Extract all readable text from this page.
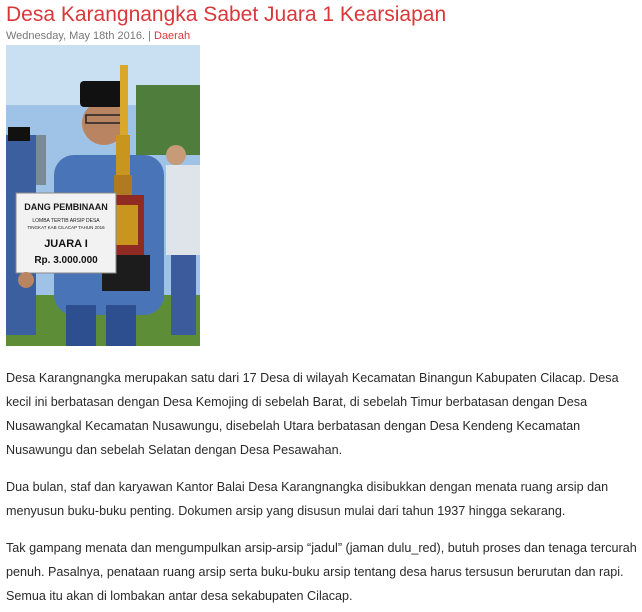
Desa Karangnangka Sabet Juara 1 Kearsiapan
Wednesday, May 18th 2016. | Daerah
DANG PEMBINAAN
LOMBA TERTIB ARSIP DESA
TINGKAT KAB CILACAP TAHUN 2016
JUARA I
Rp. 3.000.000

Desa Karangnangka merupakan satu dari 17 Desa di wilayah Kecamatan Binangun Kabupaten Cilacap. Desa kecil ini berbatasan dengan Desa Kemojing di sebelah Barat, di sebelah Timur berbatasan dengan Desa Nusawangkal Kecamatan Nusawungu, disebelah Utara berbatasan dengan Desa Kendeng Kecamatan Nusawungu dan sebelah Selatan dengan Desa Pesawahan.

Dua bulan, staf dan karyawan Kantor Balai Desa Karangnangka disibukkan dengan menata ruang arsip dan menyusun buku-buku penting. Dokumen arsip yang disusun mulai dari tahun 1937 hingga sekarang.

Tak gampang menata dan mengumpulkan arsip-arsip “jadul” (jaman dulu_red), butuh proses dan tenaga tercurah penuh. Pasalnya, penataan ruang arsip serta buku-buku arsip tentang desa harus tersusun berurutan dan rapi. Semua itu akan di lombakan antar desa sekabupaten Cilacap.
